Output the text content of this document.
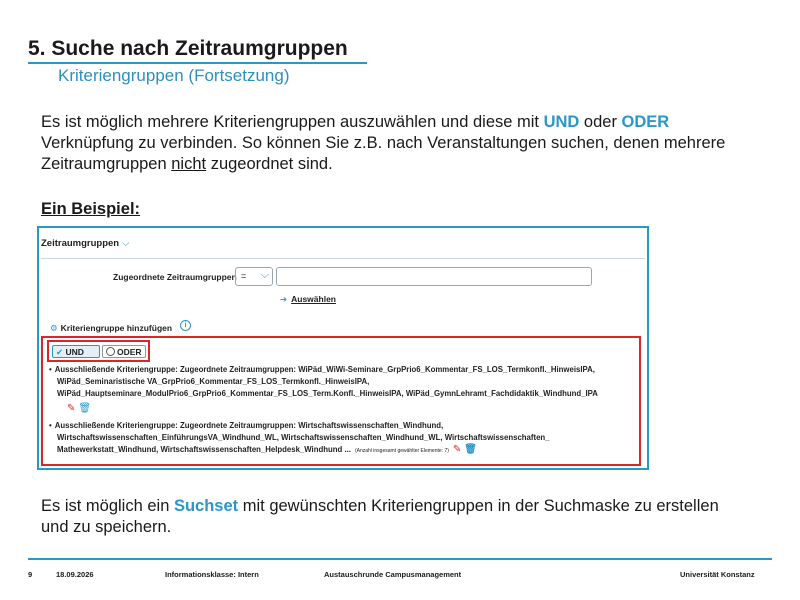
5. Suche nach Zeitraumgruppen
Kriteriengruppen (Fortsetzung)

Es ist möglich mehrere Kriteriengruppen auszuwählen und diese mit UND oder ODER Verknüpfung zu verbinden. So können Sie z.B. nach Veranstaltungen suchen, denen mehrere Zeitraumgruppen nicht zugeordnet sind.

Ein Beispiel:
Zeitraumgruppen ⌵
Zugeordnete Zeitraumgruppen = ⌵
➔ Auswählen
⚙ Kriteriengruppe hinzufügen	i
✔ UND	ODER
• Ausschließende Kriteriengruppe: Zugeordnete Zeitraumgruppen: WiPäd_WiWi-Seminare_GrpPrio6_Kommentar_FS_LOS_Termkonfl._HinweisIPA,
WiPäd_Seminaristische VA_GrpPrio6_Kommentar_FS_LOS_Termkonfl._HinweisIPA,
WiPäd_Hauptseminare_ModulPrio6_GrpPrio6_Kommentar_FS_LOS_Term.Konfl._HinweisIPA, WiPäd_GymnLehramt_Fachdidaktik_Windhund_IPA
✎ 🗑
• Ausschließende Kriteriengruppe: Zugeordnete Zeitraumgruppen: Wirtschaftswissenschaften_Windhund,
Wirtschaftswissenschaften_EinführungsVA_Windhund_WL, Wirtschaftswissenschaften_Windhund_WL, Wirtschaftswissenschaften_
Mathewerkstatt_Windhund, Wirtschaftswissenschaften_Helpdesk_Windhund ... (Anzahl insgesamt gewählter Elemente: 7) ✎ 🗑

Es ist möglich ein Suchset mit gewünschten Kriteriengruppen in der Suchmaske zu erstellen und zu speichern.

9	18.09.2026	Informationsklasse: Intern	Austauschrunde Campusmanagement	Universität Konstanz
